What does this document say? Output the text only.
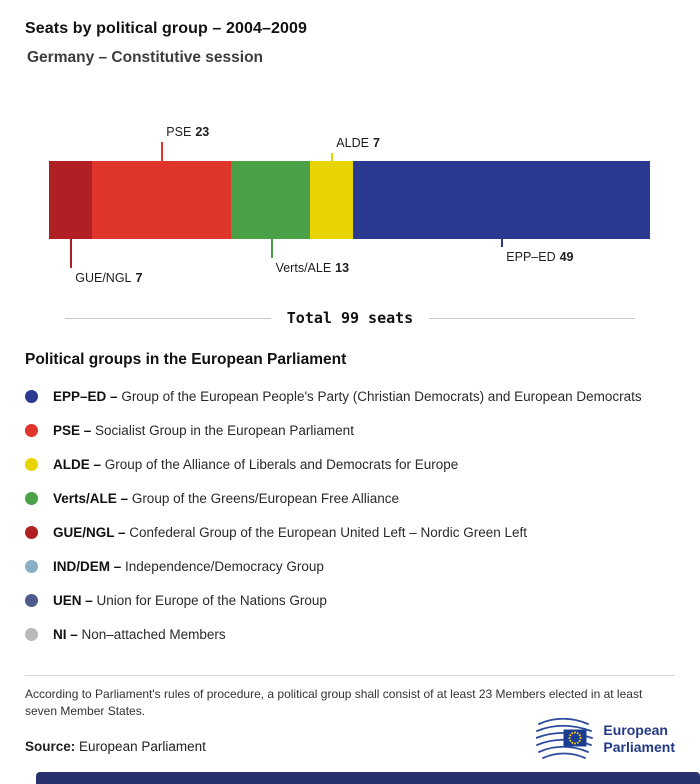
Seats by political group – 2004–2009
Germany – Constitutive session
GUE/NGL 7
PSE 23
Verts/ALE 13
ALDE 7
EPP–ED 49
Total 99 seats
Political groups in the European Parliament

EPP–ED – Group of the European People's Party (Christian Democrats) and European Democrats

PSE – Socialist Group in the European Parliament

ALDE – Group of the Alliance of Liberals and Democrats for Europe

Verts/ALE – Group of the Greens/European Free Alliance

GUE/NGL – Confederal Group of the European United Left – Nordic Green Left

IND/DEM – Independence/Democracy Group

UEN – Union for Europe of the Nations Group

NI – Non–attached Members

According to Parliament's rules of procedure, a political group shall consist of at least 23 Members elected in at least seven Member States.

Source: European Parliament

European
Parliament
